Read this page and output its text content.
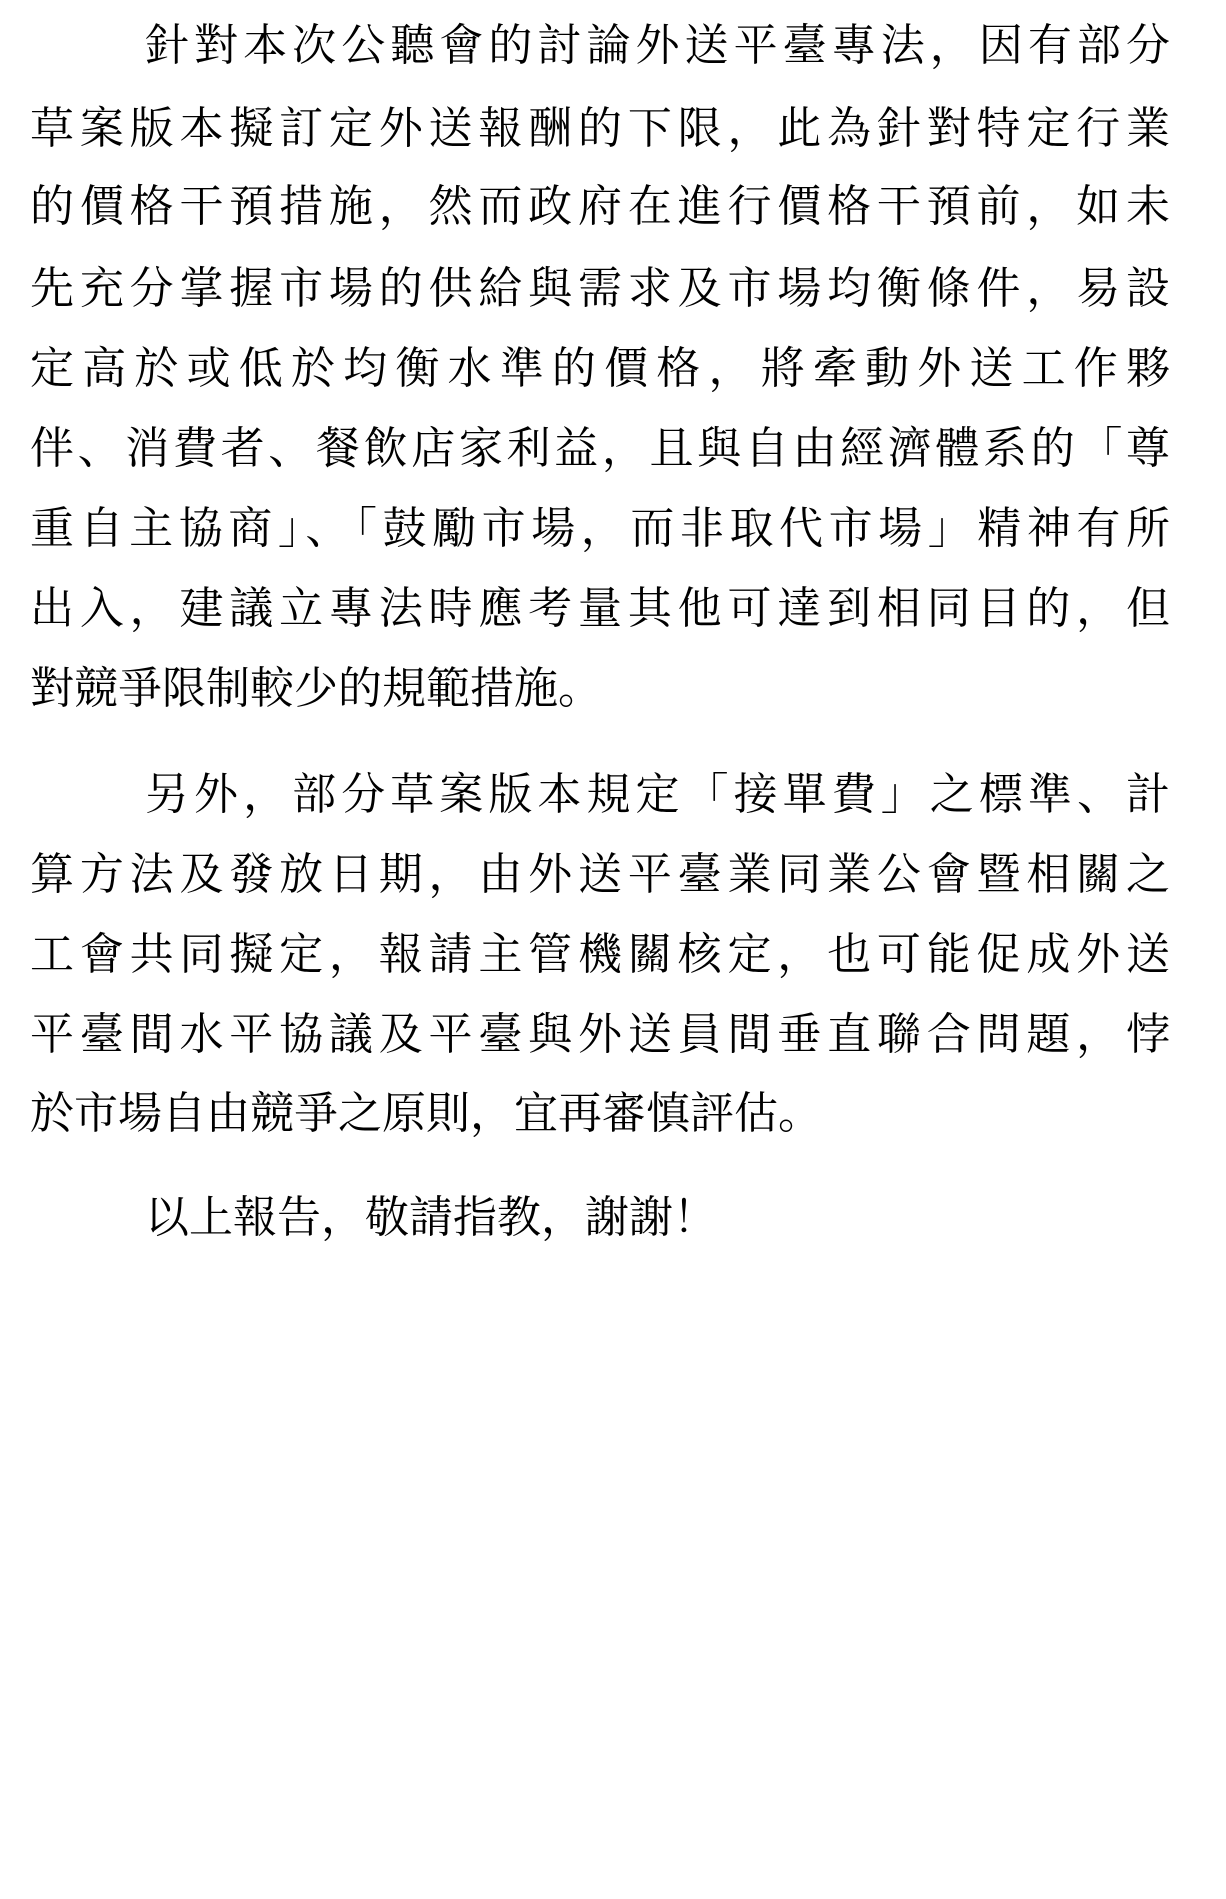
針對本次公聽會的討論外送平臺專法，因有部分
草案版本擬訂定外送報酬的下限，此為針對特定行業
的價格干預措施，然而政府在進行價格干預前，如未
先充分掌握市場的供給與需求及市場均衡條件，易設
定高於或低於均衡水準的價格，將牽動外送工作夥
伴、消費者、餐飲店家利益，且與自由經濟體系的「尊
重自主協商」、「鼓勵市場，而非取代市場」精神有所
出入，建議立專法時應考量其他可達到相同目的，但
對競爭限制較少的規範措施。
另外，部分草案版本規定「接單費」之標準、計
算方法及發放日期，由外送平臺業同業公會暨相關之
工會共同擬定，報請主管機關核定，也可能促成外送
平臺間水平協議及平臺與外送員間垂直聯合問題，悖
於市場自由競爭之原則，宜再審慎評估。
以上報告，敬請指教，謝謝！
